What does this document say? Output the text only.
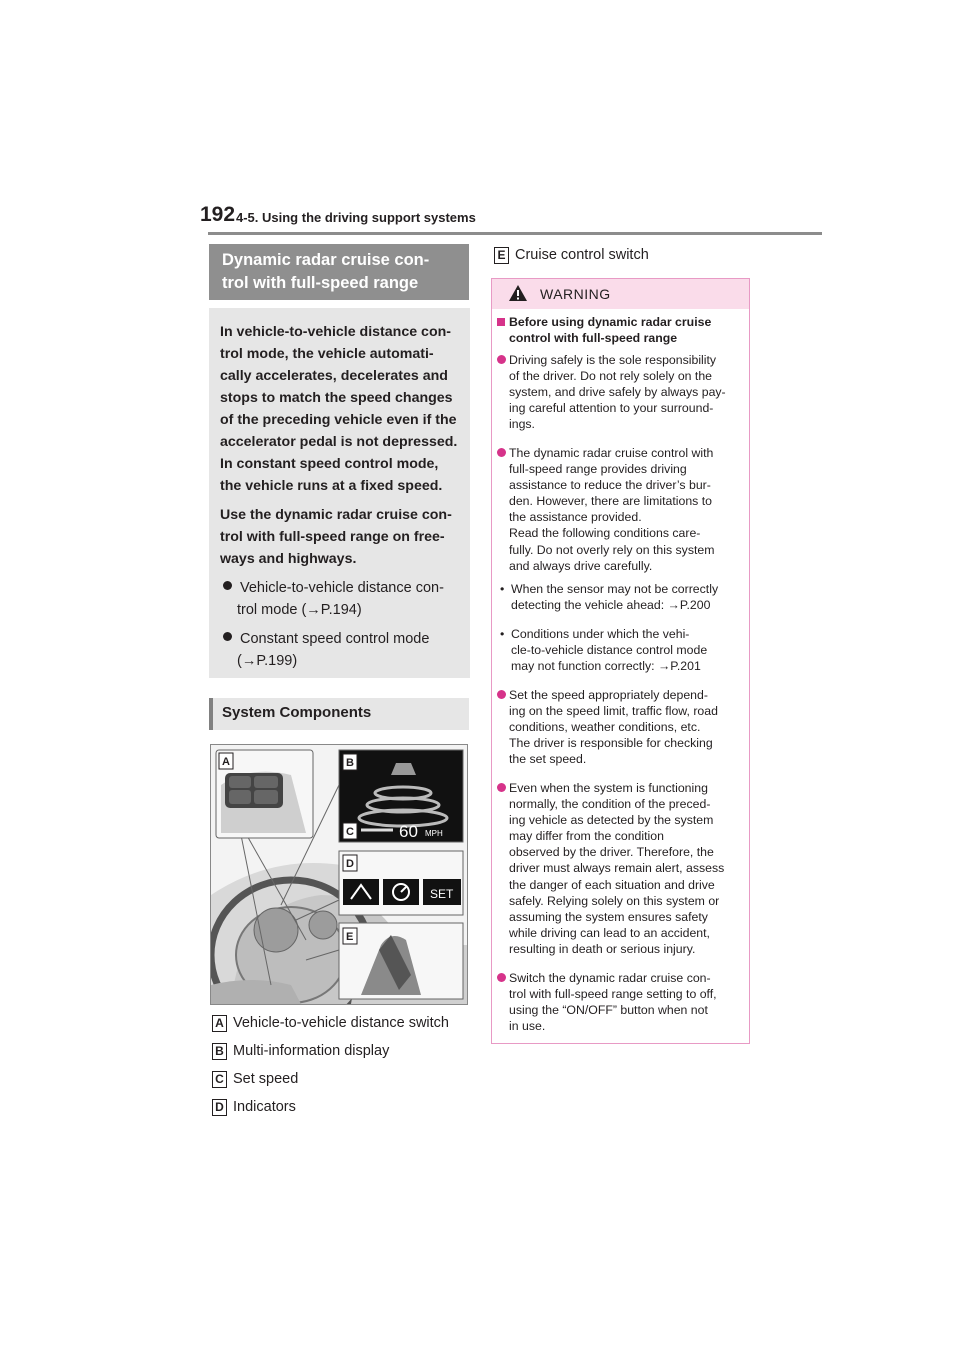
192 4-5. Using the driving support systems
Dynamic radar cruise con-
trol with full-speed range
In vehicle-to-vehicle distance con-
trol mode, the vehicle automati-
cally accelerates, decelerates and
stops to match the speed changes
of the preceding vehicle even if the
accelerator pedal is not depressed.
In constant speed control mode,
the vehicle runs at a fixed speed.
Use the dynamic radar cruise con-
trol with full-speed range on free-
ways and highways.
Vehicle-to-vehicle distance con-
trol mode (→P.194)
Constant speed control mode
(→P.199)
System Components
60 MPH
SET
A	B
C
D
E
A Vehicle-to-vehicle distance switch
B Multi-information display
C Set speed
D Indicators
E Cruise control switch
WARNING
Before using dynamic radar cruise
control with full-speed range
Driving safely is the sole responsibility
of the driver. Do not rely solely on the
system, and drive safely by always pay-
ing careful attention to your surround-
ings.
The dynamic radar cruise control with
full-speed range provides driving
assistance to reduce the driver’s bur-
den. However, there are limitations to
the assistance provided.
Read the following conditions care-
fully. Do not overly rely on this system
and always drive carefully.
• When the sensor may not be correctly
detecting the vehicle ahead: →P.200
• Conditions under which the vehi-
cle-to-vehicle distance control mode
may not function correctly: →P.201
Set the speed appropriately depend-
ing on the speed limit, traffic flow, road
conditions, weather conditions, etc.
The driver is responsible for checking
the set speed.
Even when the system is functioning
normally, the condition of the preced-
ing vehicle as detected by the system
may differ from the condition
observed by the driver. Therefore, the
driver must always remain alert, assess
the danger of each situation and drive
safely. Relying solely on this system or
assuming the system ensures safety
while driving can lead to an accident,
resulting in death or serious injury.
Switch the dynamic radar cruise con-
trol with full-speed range setting to off,
using the “ON/OFF” button when not
in use.
